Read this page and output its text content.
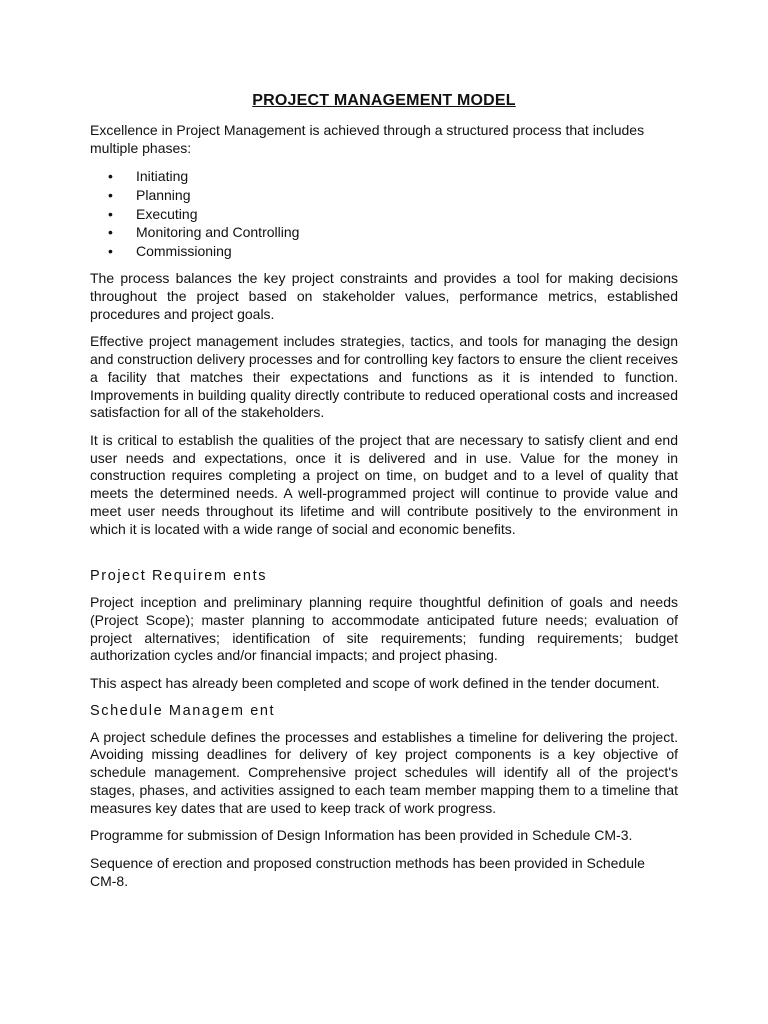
PROJECT MANAGEMENT MODEL

Excellence in Project Management is achieved through a structured process that includes multiple phases:

• Initiating
• Planning
• Executing
• Monitoring and Controlling
• Commissioning

The process balances the key project constraints and provides a tool for making decisions throughout the project based on stakeholder values, performance metrics, established procedures and project goals.

Effective project management includes strategies, tactics, and tools for managing the design and construction delivery processes and for controlling key factors to ensure the client receives a facility that matches their expectations and functions as it is intended to function. Improvements in building quality directly contribute to reduced operational costs and increased satisfaction for all of the stakeholders.

It is critical to establish the qualities of the project that are necessary to satisfy client and end user needs and expectations, once it is delivered and in use. Value for the money in construction requires completing a project on time, on budget and to a level of quality that meets the determined needs. A well-programmed project will continue to provide value and meet user needs throughout its lifetime and will contribute positively to the environment in which it is located with a wide range of social and economic benefits.

Project Requirem ents

Project inception and preliminary planning require thoughtful definition of goals and needs (Project Scope); master planning to accommodate anticipated future needs; evaluation of project alternatives; identification of site requirements; funding requirements; budget authorization cycles and/or financial impacts; and project phasing.

This aspect has already been completed and scope of work defined in the tender document.

Schedule Managem ent

A project schedule defines the processes and establishes a timeline for delivering the project. Avoiding missing deadlines for delivery of key project components is a key objective of schedule management. Comprehensive project schedules will identify all of the project's stages, phases, and activities assigned to each team member mapping them to a timeline that measures key dates that are used to keep track of work progress.

Programme for submission of Design Information has been provided in Schedule CM-3.

Sequence of erection and proposed construction methods has been provided in Schedule CM-8.
